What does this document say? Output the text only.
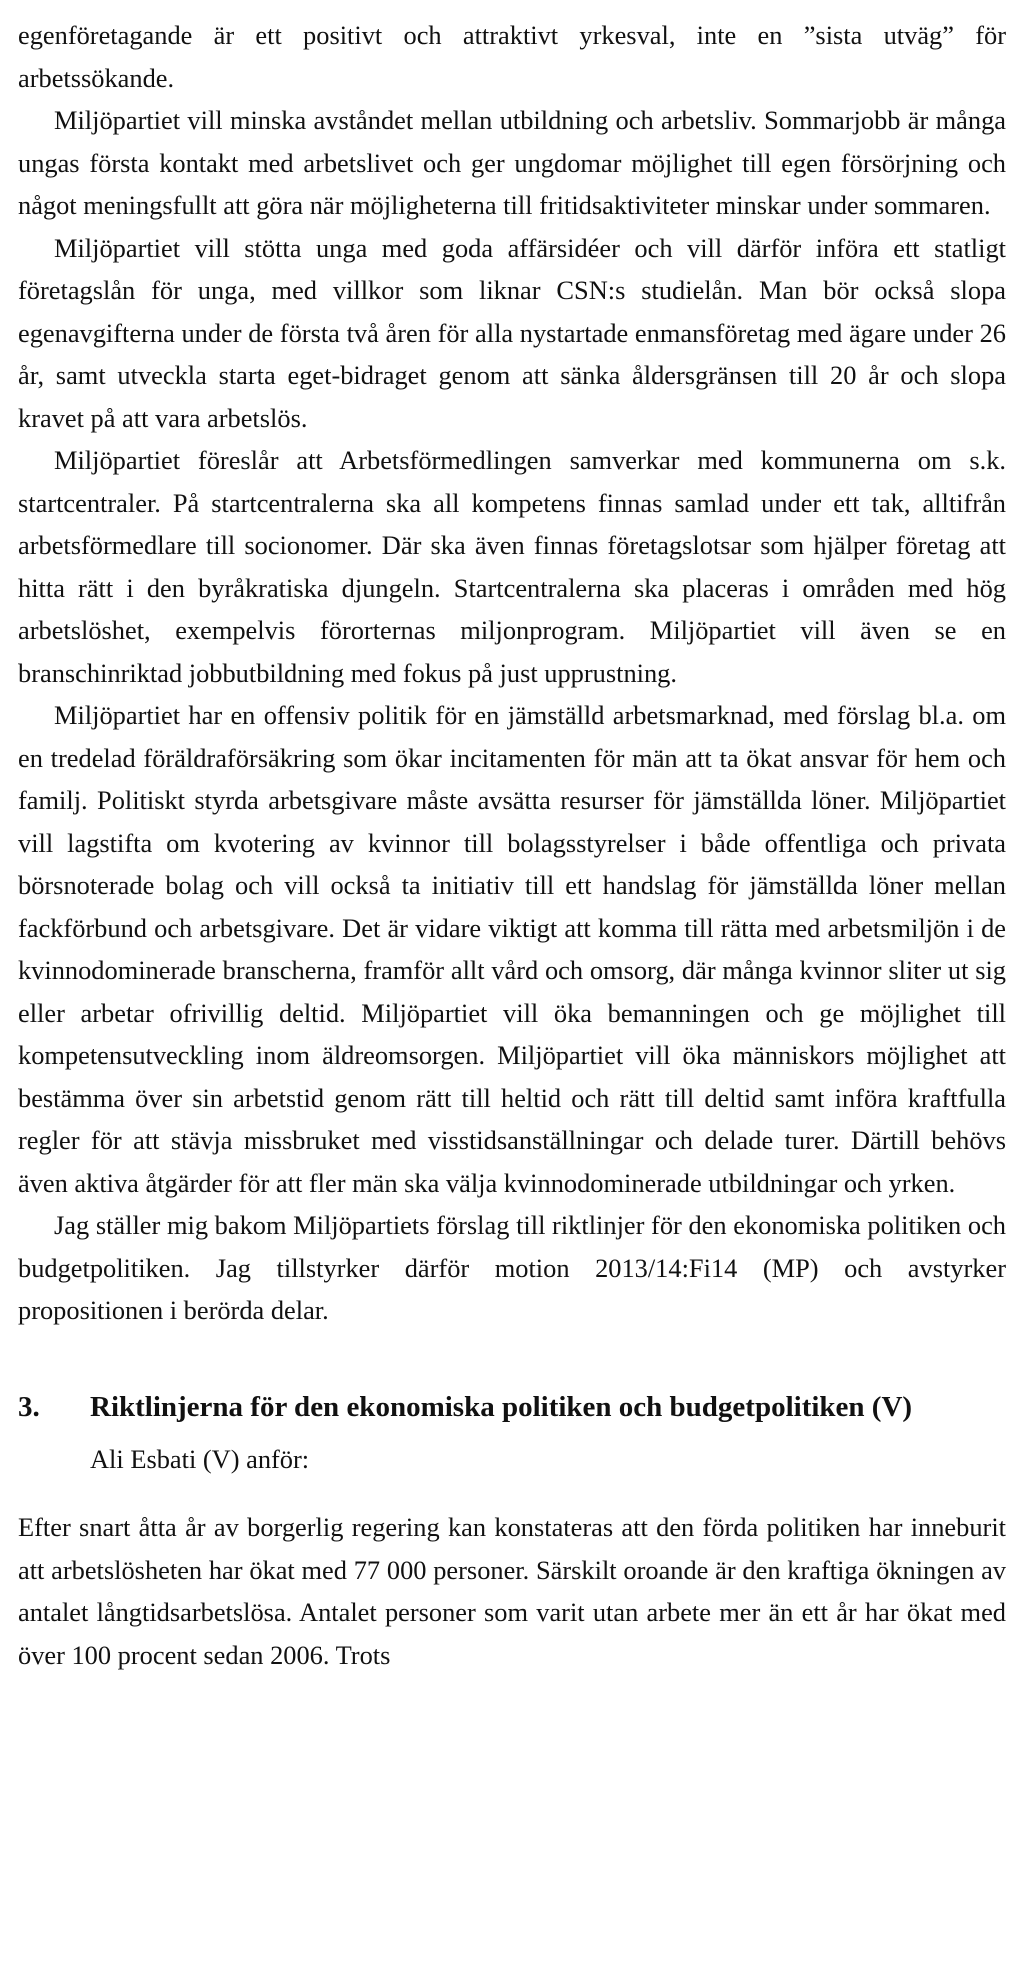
egenföretagande är ett positivt och attraktivt yrkesval, inte en ”sista utväg” för arbetssökande.

Miljöpartiet vill minska avståndet mellan utbildning och arbetsliv. Sommarjobb är många ungas första kontakt med arbetslivet och ger ungdomar möjlighet till egen försörjning och något meningsfullt att göra när möjligheterna till fritidsaktiviteter minskar under sommaren.

Miljöpartiet vill stötta unga med goda affärsidéer och vill därför införa ett statligt företagslån för unga, med villkor som liknar CSN:s studielån. Man bör också slopa egenavgifterna under de första två åren för alla nystartade enmansföretag med ägare under 26 år, samt utveckla starta eget-bidraget genom att sänka åldersgränsen till 20 år och slopa kravet på att vara arbetslös.

Miljöpartiet föreslår att Arbetsförmedlingen samverkar med kommunerna om s.k. startcentraler. På startcentralerna ska all kompetens finnas samlad under ett tak, alltifrån arbetsförmedlare till socionomer. Där ska även finnas företagslotsar som hjälper företag att hitta rätt i den byråkratiska djungeln. Startcentralerna ska placeras i områden med hög arbetslöshet, exempelvis förorternas miljonprogram. Miljöpartiet vill även se en branschinriktad jobbutbildning med fokus på just upprustning.

Miljöpartiet har en offensiv politik för en jämställd arbetsmarknad, med förslag bl.a. om en tredelad föräldraförsäkring som ökar incitamenten för män att ta ökat ansvar för hem och familj. Politiskt styrda arbetsgivare måste avsätta resurser för jämställda löner. Miljöpartiet vill lagstifta om kvotering av kvinnor till bolagsstyrelser i både offentliga och privata börsnoterade bolag och vill också ta initiativ till ett handslag för jämställda löner mellan fackförbund och arbetsgivare. Det är vidare viktigt att komma till rätta med arbetsmiljön i de kvinnodominerade branscherna, framför allt vård och omsorg, där många kvinnor sliter ut sig eller arbetar ofrivillig deltid. Miljöpartiet vill öka bemanningen och ge möjlighet till kompetensutveckling inom äldreomsorgen. Miljöpartiet vill öka människors möjlighet att bestämma över sin arbetstid genom rätt till heltid och rätt till deltid samt införa kraftfulla regler för att stävja missbruket med visstidsanställningar och delade turer. Därtill behövs även aktiva åtgärder för att fler män ska välja kvinnodominerade utbildningar och yrken.

Jag ställer mig bakom Miljöpartiets förslag till riktlinjer för den ekonomiska politiken och budgetpolitiken. Jag tillstyrker därför motion 2013/14:Fi14 (MP) och avstyrker propositionen i berörda delar.

3.	Riktlinjerna för den ekonomiska politiken och budgetpolitiken (V)

Ali Esbati (V) anför:

Efter snart åtta år av borgerlig regering kan konstateras att den förda politiken har inneburit att arbetslösheten har ökat med 77 000 personer. Särskilt oroande är den kraftiga ökningen av antalet långtidsarbetslösa. Antalet personer som varit utan arbete mer än ett år har ökat med över 100 procent sedan 2006. Trots
